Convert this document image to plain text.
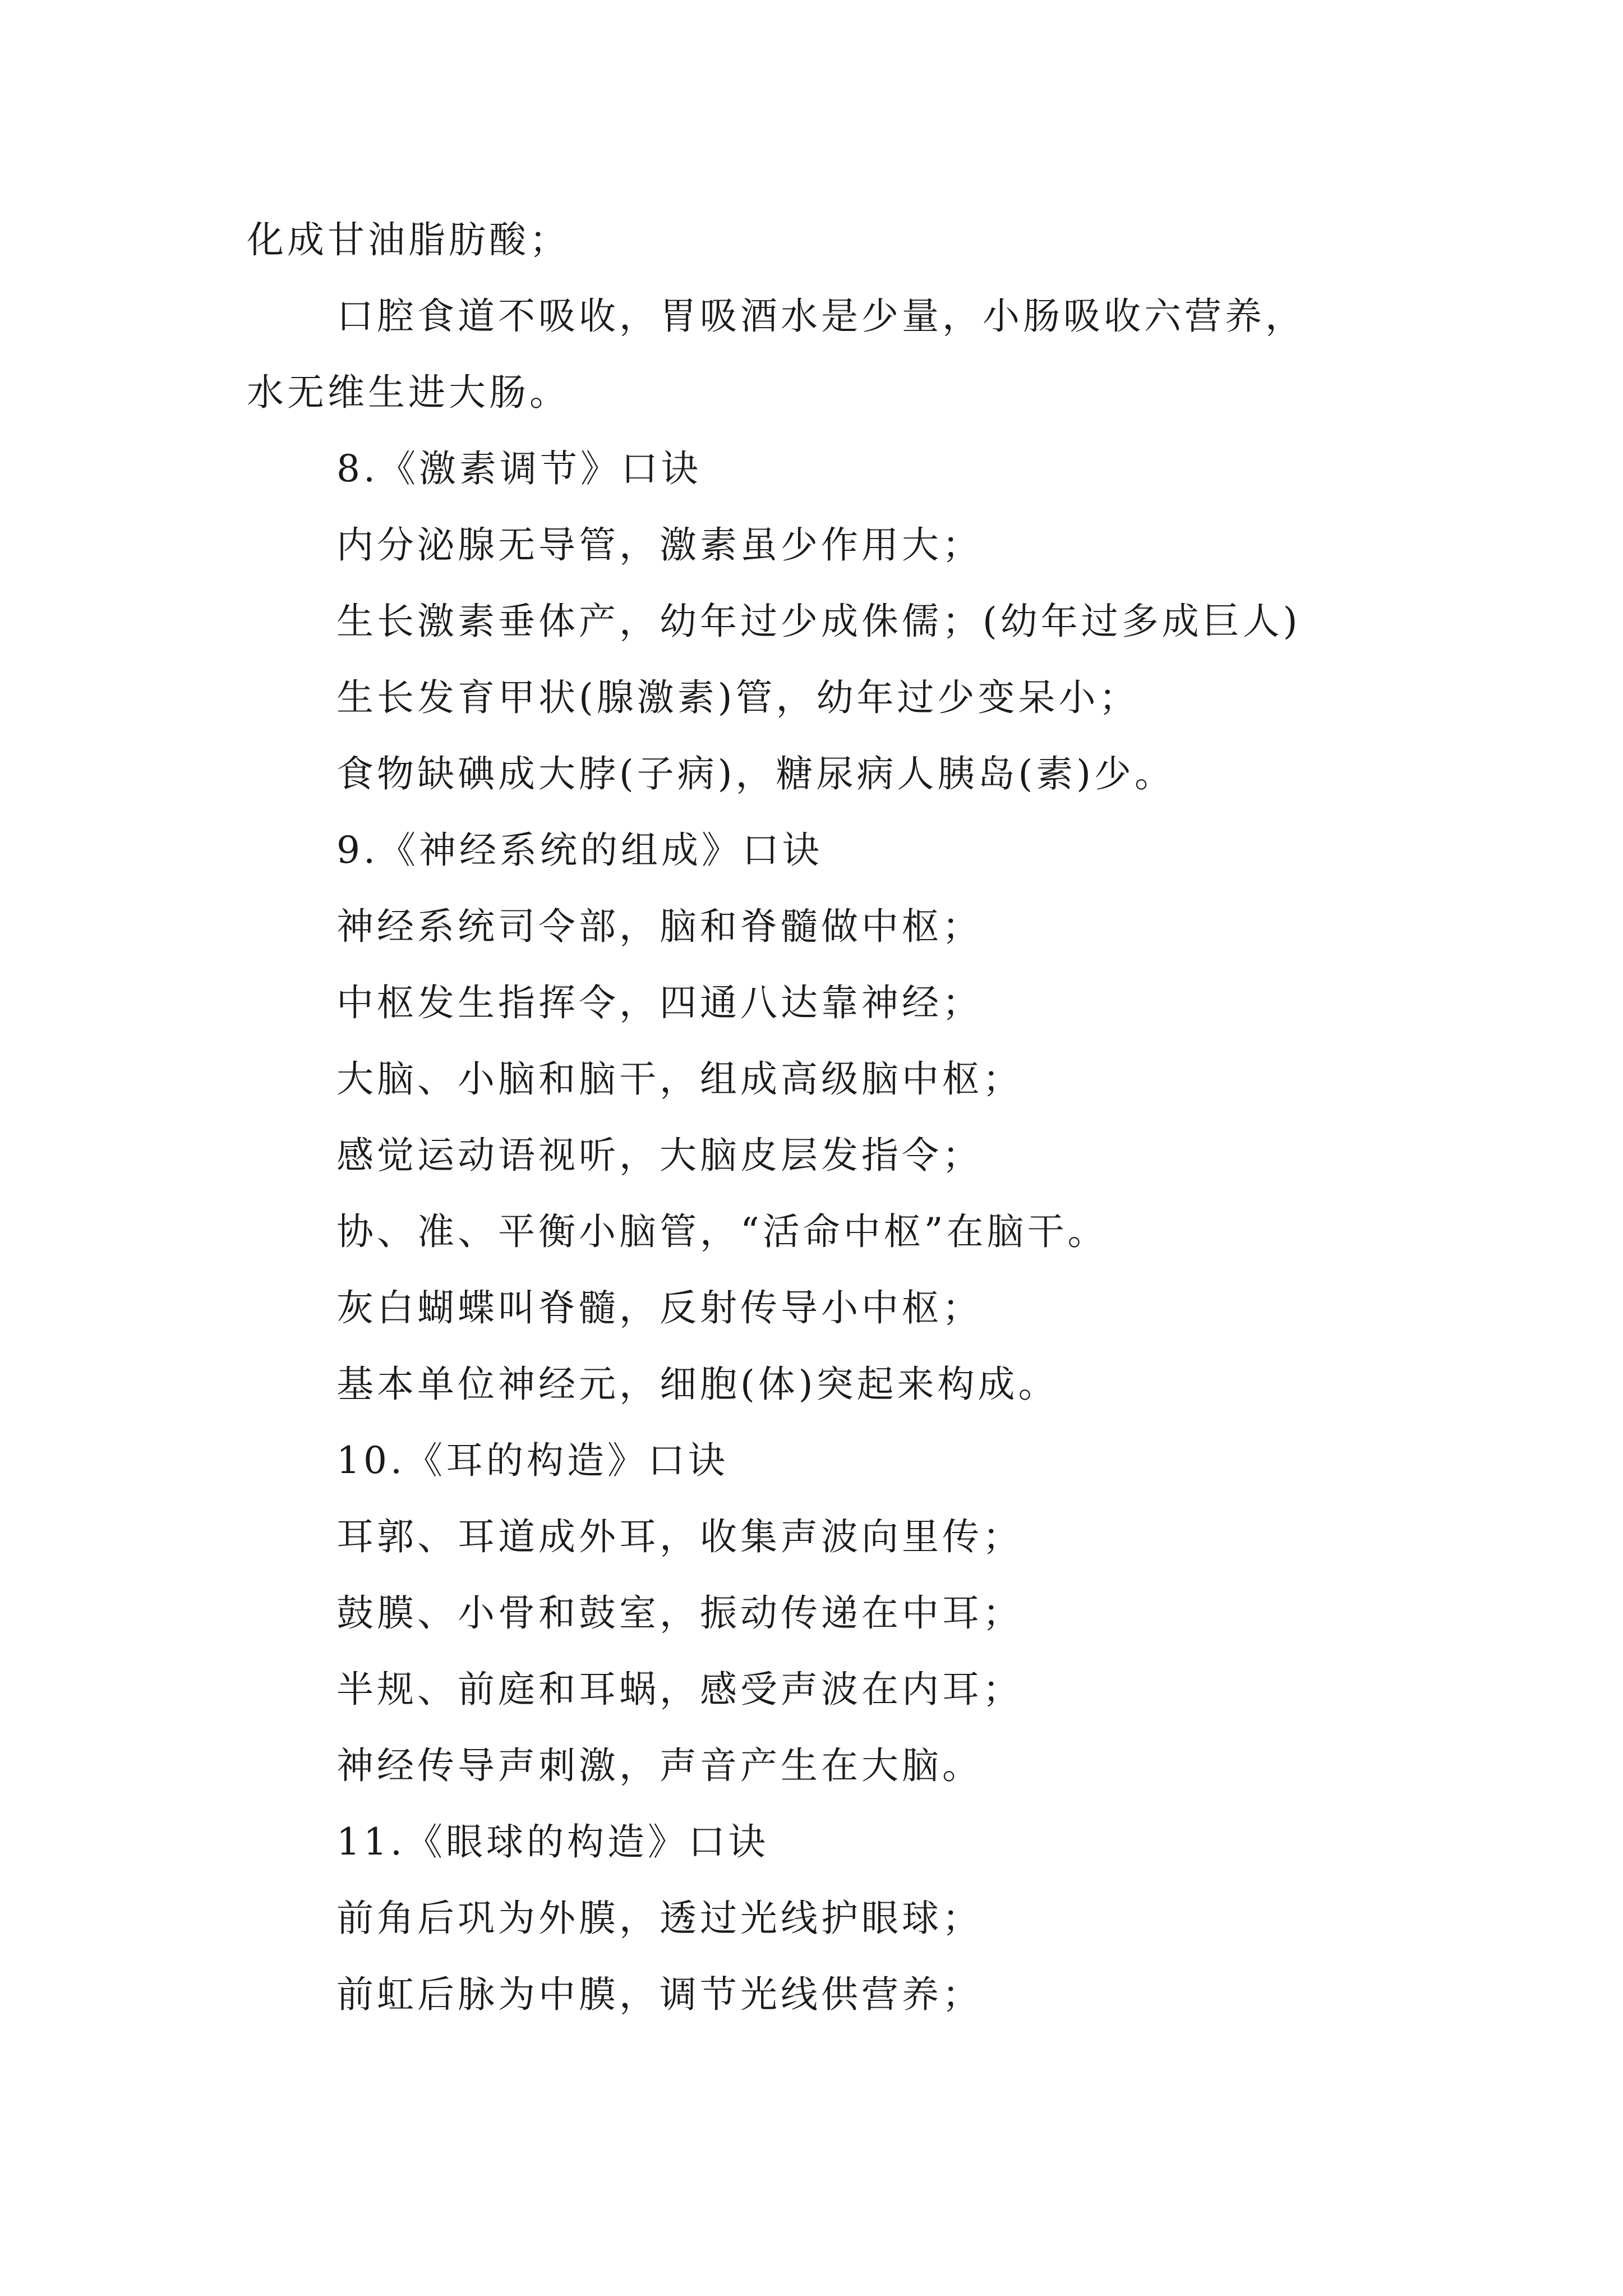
化成甘油脂肪酸；
口腔食道不吸收，胃吸酒水是少量，小肠吸收六营养，
水无维生进大肠。
8.《激素调节》口诀
内分泌腺无导管，激素虽少作用大；
生长激素垂体产，幼年过少成侏儒；(幼年过多成巨人)
生长发育甲状(腺激素)管，幼年过少变呆小；
食物缺碘成大脖(子病)，糖尿病人胰岛(素)少。
9.《神经系统的组成》口诀
神经系统司令部，脑和脊髓做中枢；
中枢发生指挥令，四通八达靠神经；
大脑、小脑和脑干，组成高级脑中枢；
感觉运动语视听，大脑皮层发指令；
协、准、平衡小脑管，“活命中枢”在脑干。
灰白蝴蝶叫脊髓，反射传导小中枢；
基本单位神经元，细胞(体)突起来构成。
10.《耳的构造》口诀
耳郭、耳道成外耳，收集声波向里传；
鼓膜、小骨和鼓室，振动传递在中耳；
半规、前庭和耳蜗，感受声波在内耳；
神经传导声刺激，声音产生在大脑。
11.《眼球的构造》口诀
前角后巩为外膜，透过光线护眼球；
前虹后脉为中膜，调节光线供营养；
